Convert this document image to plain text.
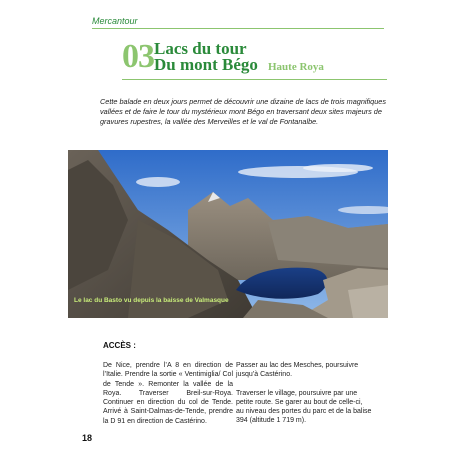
Mercantour
03 Lacs du tour
Du mont Bégo Haute Roya

Cette balade en deux jours permet de découvrir une dizaine de lacs de trois magnifiques vallées et de faire le tour du mystérieux mont Bégo en traversant deux sites majeurs de gravures rupestres, la vallée des Merveilles et le val de Fontanalbe.

Le lac du Basto vu depuis la baisse de Valmasque
ACCÈS :

De Nice, prendre l’A 8 en direction de l’Italie. Prendre la sortie « Ventimiglia/ Col de Tende ». Remonter la vallée de la Roya. Traverser Breil-sur-Roya. Continuer en direction du col de Tende. Arrivé à Saint-Dalmas-de-Tende, prendre la D 91 en direction de Castérino.

Passer au lac des Mesches, poursuivre jusqu’à Castérino.

Traverser le village, poursuivre par une petite route. Se garer au bout de celle-ci, au niveau des portes du parc et de la balise 394 (altitude 1 719 m).

18
